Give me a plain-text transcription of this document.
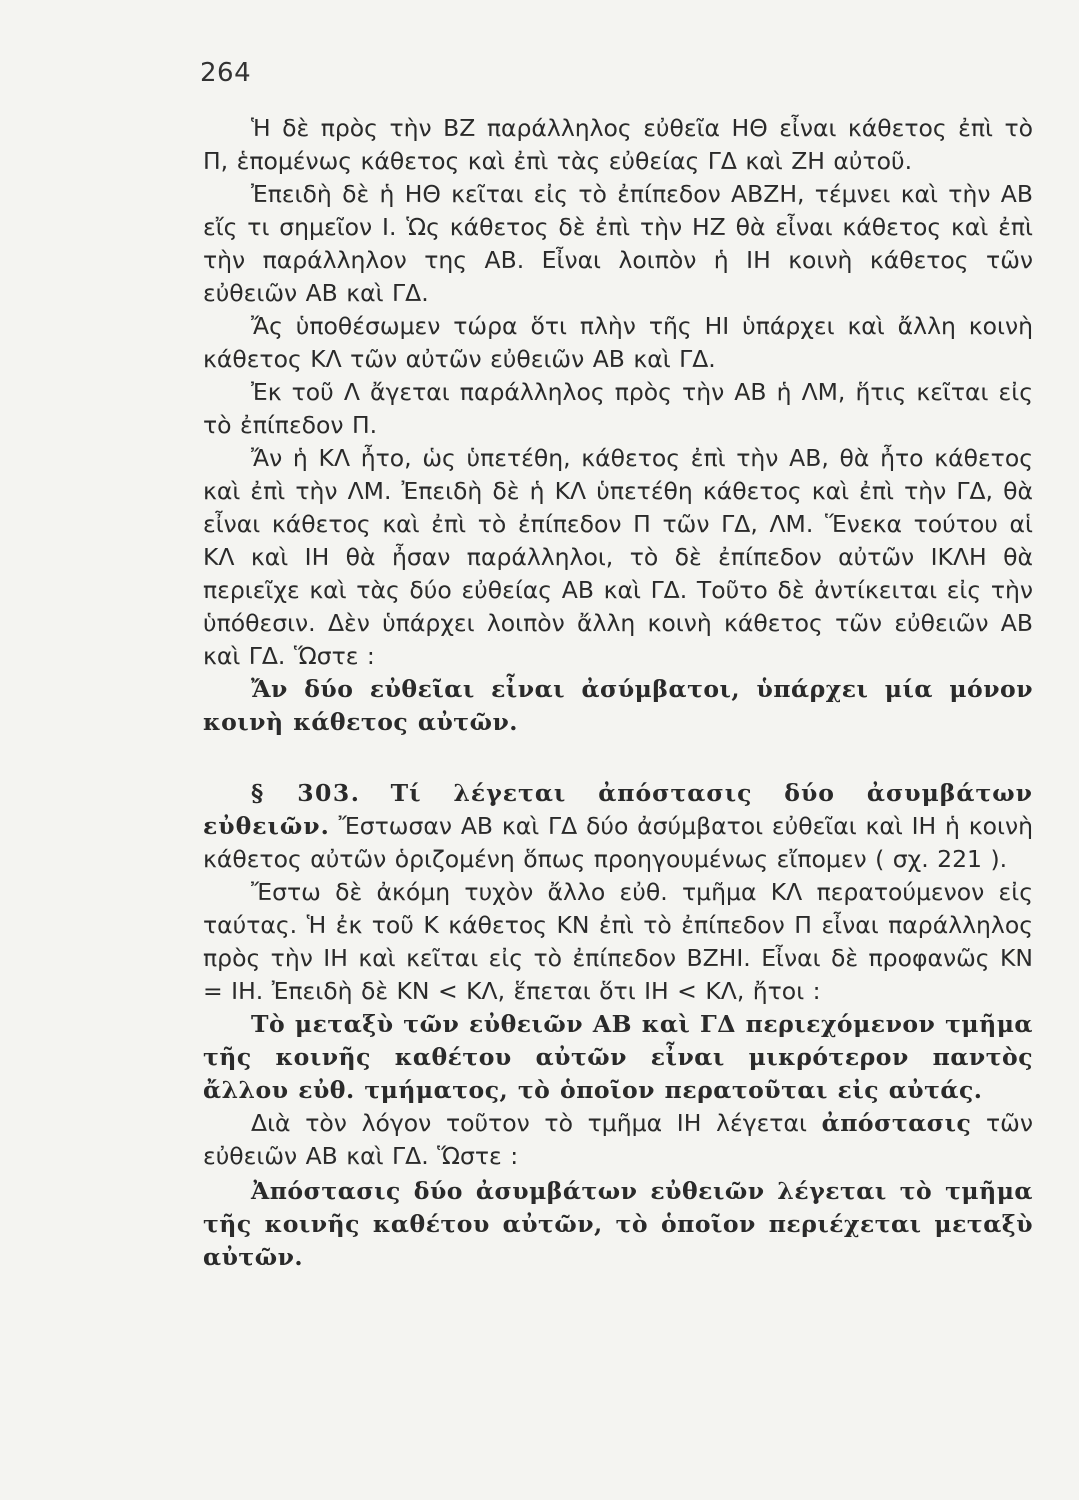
264

Ἡ δὲ πρὸς τὴν ΒΖ παράλληλος εὐθεῖα ΗΘ εἶναι κάθετος ἐπὶ τὸ Π, ἑπομένως κάθετος καὶ ἐπὶ τὰς εὐθείας ΓΔ καὶ ΖΗ αὐτοῦ.

Ἐπειδὴ δὲ ἡ ΗΘ κεῖται εἰς τὸ ἐπίπεδον ΑΒΖΗ, τέμνει καὶ τὴν ΑΒ εἴς τι σημεῖον Ι. Ὡς κάθετος δὲ ἐπὶ τὴν ΗΖ θὰ εἶναι κάθετος καὶ ἐπὶ τὴν παράλληλον της ΑΒ. Εἶναι λοιπὸν ἡ ΙΗ κοινὴ κάθετος τῶν εὐθειῶν ΑΒ καὶ ΓΔ.

Ἄς ὑποθέσωμεν τώρα ὅτι πλὴν τῆς ΗΙ ὑπάρχει καὶ ἄλλη κοινὴ κάθετος ΚΛ τῶν αὐτῶν εὐθειῶν ΑΒ καὶ ΓΔ.

Ἐκ τοῦ Λ ἄγεται παράλληλος πρὸς τὴν ΑΒ ἡ ΛΜ, ἥτις κεῖται εἰς τὸ ἐπίπεδον Π.

Ἄν ἡ ΚΛ ἦτο, ὡς ὑπετέθη, κάθετος ἐπὶ τὴν ΑΒ, θὰ ἦτο κάθετος καὶ ἐπὶ τὴν ΛΜ. Ἐπειδὴ δὲ ἡ ΚΛ ὑπετέθη κάθετος καὶ ἐπὶ τὴν ΓΔ, θὰ εἶναι κάθετος καὶ ἐπὶ τὸ ἐπίπεδον Π τῶν ΓΔ, ΛΜ. Ἕνεκα τούτου αἱ ΚΛ καὶ ΙΗ θὰ ἦσαν παράλληλοι, τὸ δὲ ἐπίπεδον αὐτῶν ΙΚΛΗ θὰ περιεῖχε καὶ τὰς δύο εὐθείας ΑΒ καὶ ΓΔ. Τοῦτο δὲ ἀντίκειται εἰς τὴν ὑπόθεσιν. Δὲν ὑπάρχει λοιπὸν ἄλλη κοινὴ κάθετος τῶν εὐθειῶν ΑΒ καὶ ΓΔ. Ὥστε :

Ἄν δύο εὐθεῖαι εἶναι ἀσύμβατοι, ὑπάρχει μία μόνον κοινὴ κάθετος αὐτῶν.

§ 303. Τί λέγεται ἀπόστασις δύο ἀσυμβάτων εὐθειῶν. Ἔστωσαν ΑΒ καὶ ΓΔ δύο ἀσύμβατοι εὐθεῖαι καὶ ΙΗ ἡ κοινὴ κάθετος αὐτῶν ὁριζομένη ὅπως προηγουμένως εἴπομεν ( σχ. 221 ).

Ἔστω δὲ ἀκόμη τυχὸν ἄλλο εὐθ. τμῆμα ΚΛ περατούμενον εἰς ταύτας. Ἡ ἐκ τοῦ Κ κάθετος ΚΝ ἐπὶ τὸ ἐπίπεδον Π εἶναι παράλληλος πρὸς τὴν ΙΗ καὶ κεῖται εἰς τὸ ἐπίπεδον ΒΖΗΙ. Εἶναι δὲ προφανῶς ΚΝ = ΙΗ. Ἐπειδὴ δὲ ΚΝ < ΚΛ, ἕπεται ὅτι ΙΗ < ΚΛ, ἤτοι :

Τὸ μεταξὺ τῶν εὐθειῶν ΑΒ καὶ ΓΔ περιεχόμενον τμῆμα τῆς κοινῆς καθέτου αὐτῶν εἶναι μικρότερον παντὸς ἄλλου εὐθ. τμήματος, τὸ ὁποῖον περατοῦται εἰς αὐτάς.

Διὰ τὸν λόγον τοῦτον τὸ τμῆμα ΙΗ λέγεται ἀπόστασις τῶν εὐθειῶν ΑΒ καὶ ΓΔ. Ὥστε :

Ἀπόστασις δύο ἀσυμβάτων εὐθειῶν λέγεται τὸ τμῆμα τῆς κοινῆς καθέτου αὐτῶν, τὸ ὁποῖον περιέχεται μεταξὺ αὐτῶν.
